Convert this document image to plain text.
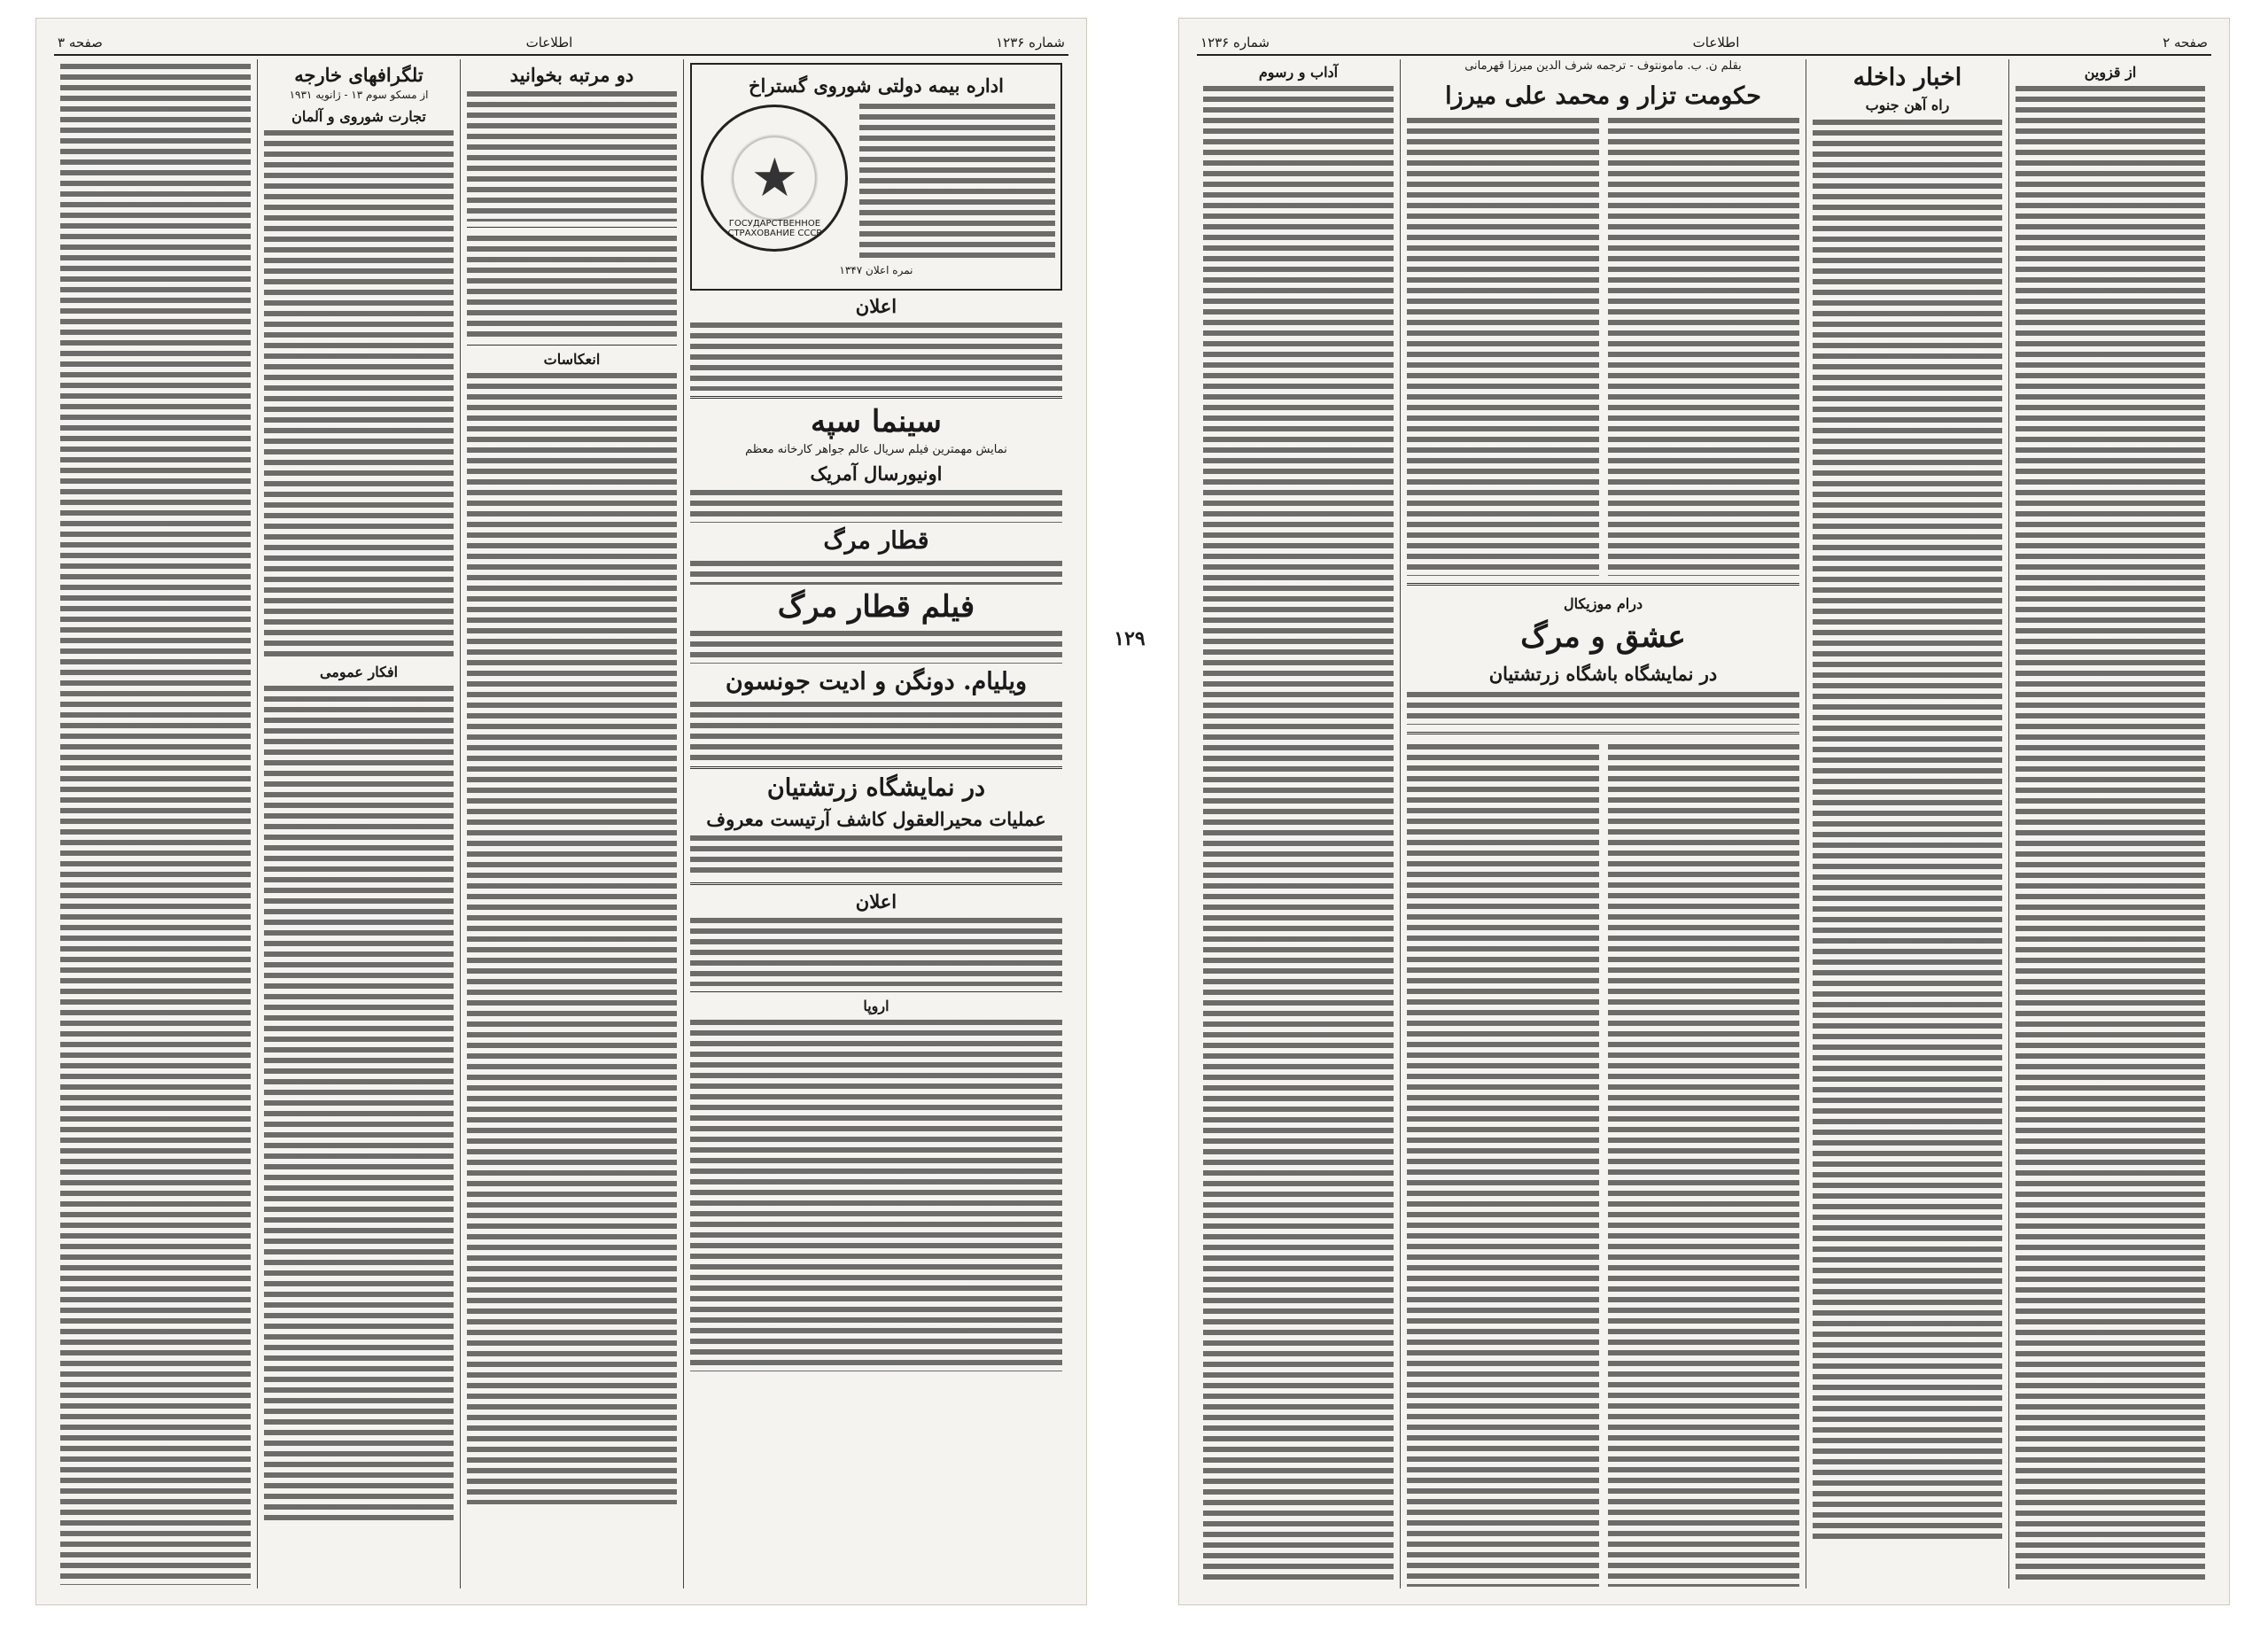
شماره ۱۲۳۶
اطلاعات
صفحه ۳
اداره بیمه دولتی شوروی گستراخ
★
ГОСУДАРСТВЕННОЕ СТРАХОВАНИЕ СССР
نمره اعلان ۱۳۴۷
اعلان
سینما سپه
نمایش مهمترین فیلم سریال عالم جواهر کارخانه معظم
اونیورسال آمریک
قطار مرگ
فیلم قطار مرگ
ویلیام. دونگن و ادیت جونسون
در نمایشگاه زرتشتیان
عملیات محیرالعقول کاشف آرتیست معروف
اعلان
اروپا
دو مرتبه بخوانید
انعکاسات
تلگرافهای خارجه
از مسکو سوم ۱۳ - ژانویه ۱۹۳۱
تجارت شوروی و آلمان
افکار عمومی
۱۲۹
صفحه ۲
اطلاعات
شماره ۱۲۳۶
از قزوین
اخبار داخله
راه آهن جنوب
بقلم ن. ب. مامونتوف - ترجمه شرف الدین میرزا قهرمانی
حکومت تزار و محمد علی میرزا
درام موزیکال
عشق و مرگ
در نمایشگاه باشگاه زرتشتیان
آداب و رسوم
